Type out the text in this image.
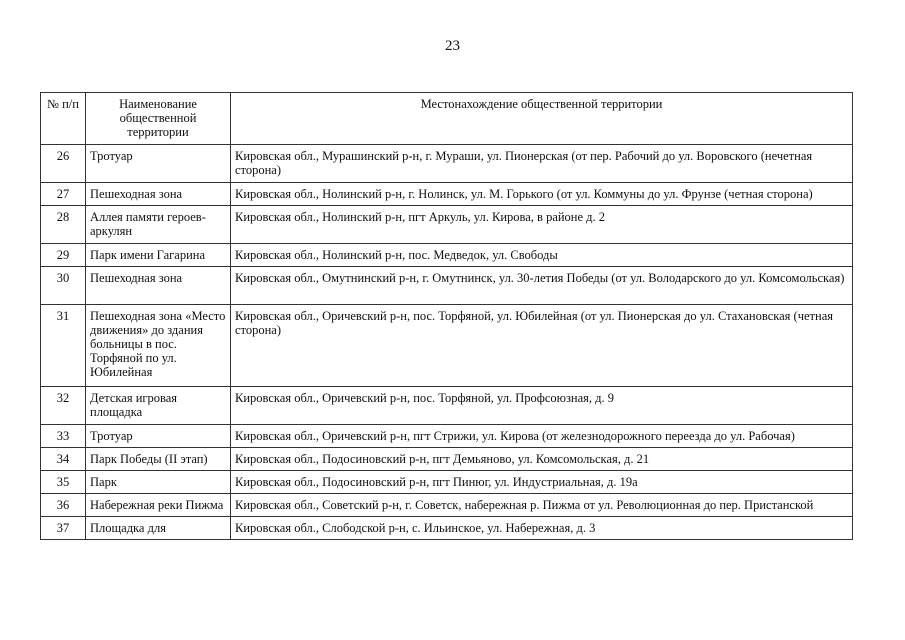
23
№ п/п	Наименование общественной территории	Местонахождение общественной территории
26	Тротуар	Кировская обл., Мурашинский р-н, г. Мураши, ул. Пионерская (от пер. Рабочий до ул. Воровского (нечетная сторона)
27	Пешеходная зона	Кировская обл., Нолинский р-н, г. Нолинск, ул. М. Горького (от ул. Коммуны до ул. Фрунзе (четная сторона)
28	Аллея памяти героев-аркулян	Кировская обл., Нолинский р-н, пгт Аркуль, ул. Кирова, в районе д. 2
29	Парк имени Гагарина	Кировская обл., Нолинский р-н, пос. Медведок, ул. Свободы
30	Пешеходная зона	Кировская обл., Омутнинский р-н, г. Омутнинск, ул. 30-летия Победы (от ул. Володарского до ул. Комсомольская)
31	Пешеходная зона «Место движения» до здания больницы в пос. Торфяной по ул. Юбилейная	Кировская обл., Оричевский р-н, пос. Торфяной, ул. Юбилейная (от ул. Пионерская до ул. Стахановская (четная сторона)
32	Детская игровая площадка	Кировская обл., Оричевский р-н, пос. Торфяной, ул. Профсоюзная, д. 9
33	Тротуар	Кировская обл., Оричевский р-н, пгт Стрижи, ул. Кирова (от железнодорожного переезда до ул. Рабочая)
34	Парк Победы (II этап)	Кировская обл., Подосиновский р-н, пгт Демьяново, ул. Комсомольская, д. 21
35	Парк	Кировская обл., Подосиновский р-н, пгт Пинюг, ул. Индустриальная, д. 19а
36	Набережная реки Пижма	Кировская обл., Советский р-н, г. Советск, набережная р. Пижма от ул. Революционная до пер. Пристанской
37	Площадка для	Кировская обл., Слободской р-н, с. Ильинское, ул. Набережная, д. 3
